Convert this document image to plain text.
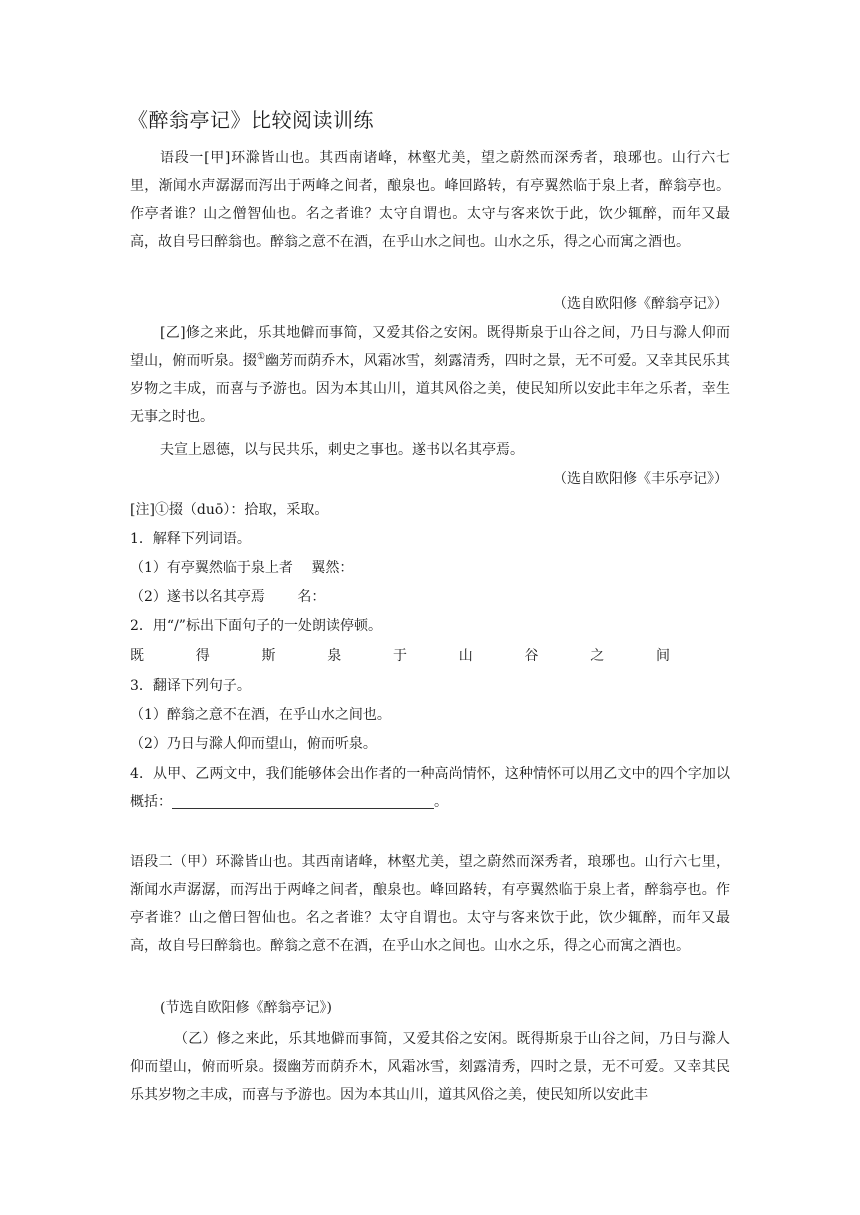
《醉翁亭记》比较阅读训练
语段一[甲]环滁皆山也。其西南诸峰，林壑尤美，望之蔚然而深秀者，琅琊也。山行六七里，渐闻水声潺潺而泻出于两峰之间者，酿泉也。峰回路转，有亭翼然临于泉上者，醉翁亭也。作亭者谁？山之僧智仙也。名之者谁？太守自谓也。太守与客来饮于此，饮少辄醉，而年又最高，故自号曰醉翁也。醉翁之意不在酒，在乎山水之间也。山水之乐，得之心而寓之酒也。
（选自欧阳修《醉翁亭记》）
[乙]修之来此，乐其地僻而事简，又爱其俗之安闲。既得斯泉于山谷之间，乃日与滁人仰而望山，俯而听泉。掇①幽芳而荫乔木，风霜冰雪，刻露清秀，四时之景，无不可爱。又幸其民乐其岁物之丰成，而喜与予游也。因为本其山川，道其风俗之美，使民知所以安此丰年之乐者，幸生无事之时也。
夫宣上恩德，以与民共乐，刺史之事也。遂书以名其亭焉。
（选自欧阳修《丰乐亭记》）
[注]①掇（duō）：拾取，采取。
1．解释下列词语。
（1）有亭翼然临于泉上者　 翼然：
（2）遂书以名其亭焉　　 名：
2．用“/”标出下面句子的一处朗读停顿。
既	得	斯	泉	于	山	谷	之	间
3．翻译下列句子。
（1）醉翁之意不在酒，在乎山水之间也。
（2）乃日与滁人仰而望山，俯而听泉。
4．从甲、乙两文中，我们能够体会出作者的一种高尚情怀，这种情怀可以用乙文中的四个字加以概括：	。
语段二（甲）环滁皆山也。其西南诸峰，林壑尤美，望之蔚然而深秀者，琅琊也。山行六七里，渐闻水声潺潺，而泻出于两峰之间者，酿泉也。峰回路转，有亭翼然临于泉上者，醉翁亭也。作亭者谁？山之僧曰智仙也。名之者谁？太守自谓也。太守与客来饮于此，饮少辄醉，而年又最高，故自号曰醉翁也。醉翁之意不在酒，在乎山水之间也。山水之乐，得之心而寓之酒也。
(节选自欧阳修《醉翁亭记》)
（乙）修之来此，乐其地僻而事简，又爱其俗之安闲。既得斯泉于山谷之间，乃日与滁人仰而望山，俯而听泉。掇幽芳而荫乔木，风霜冰雪，刻露清秀，四时之景，无不可爱。又幸其民乐其岁物之丰成，而喜与予游也。因为本其山川，道其风俗之美，使民知所以安此丰
